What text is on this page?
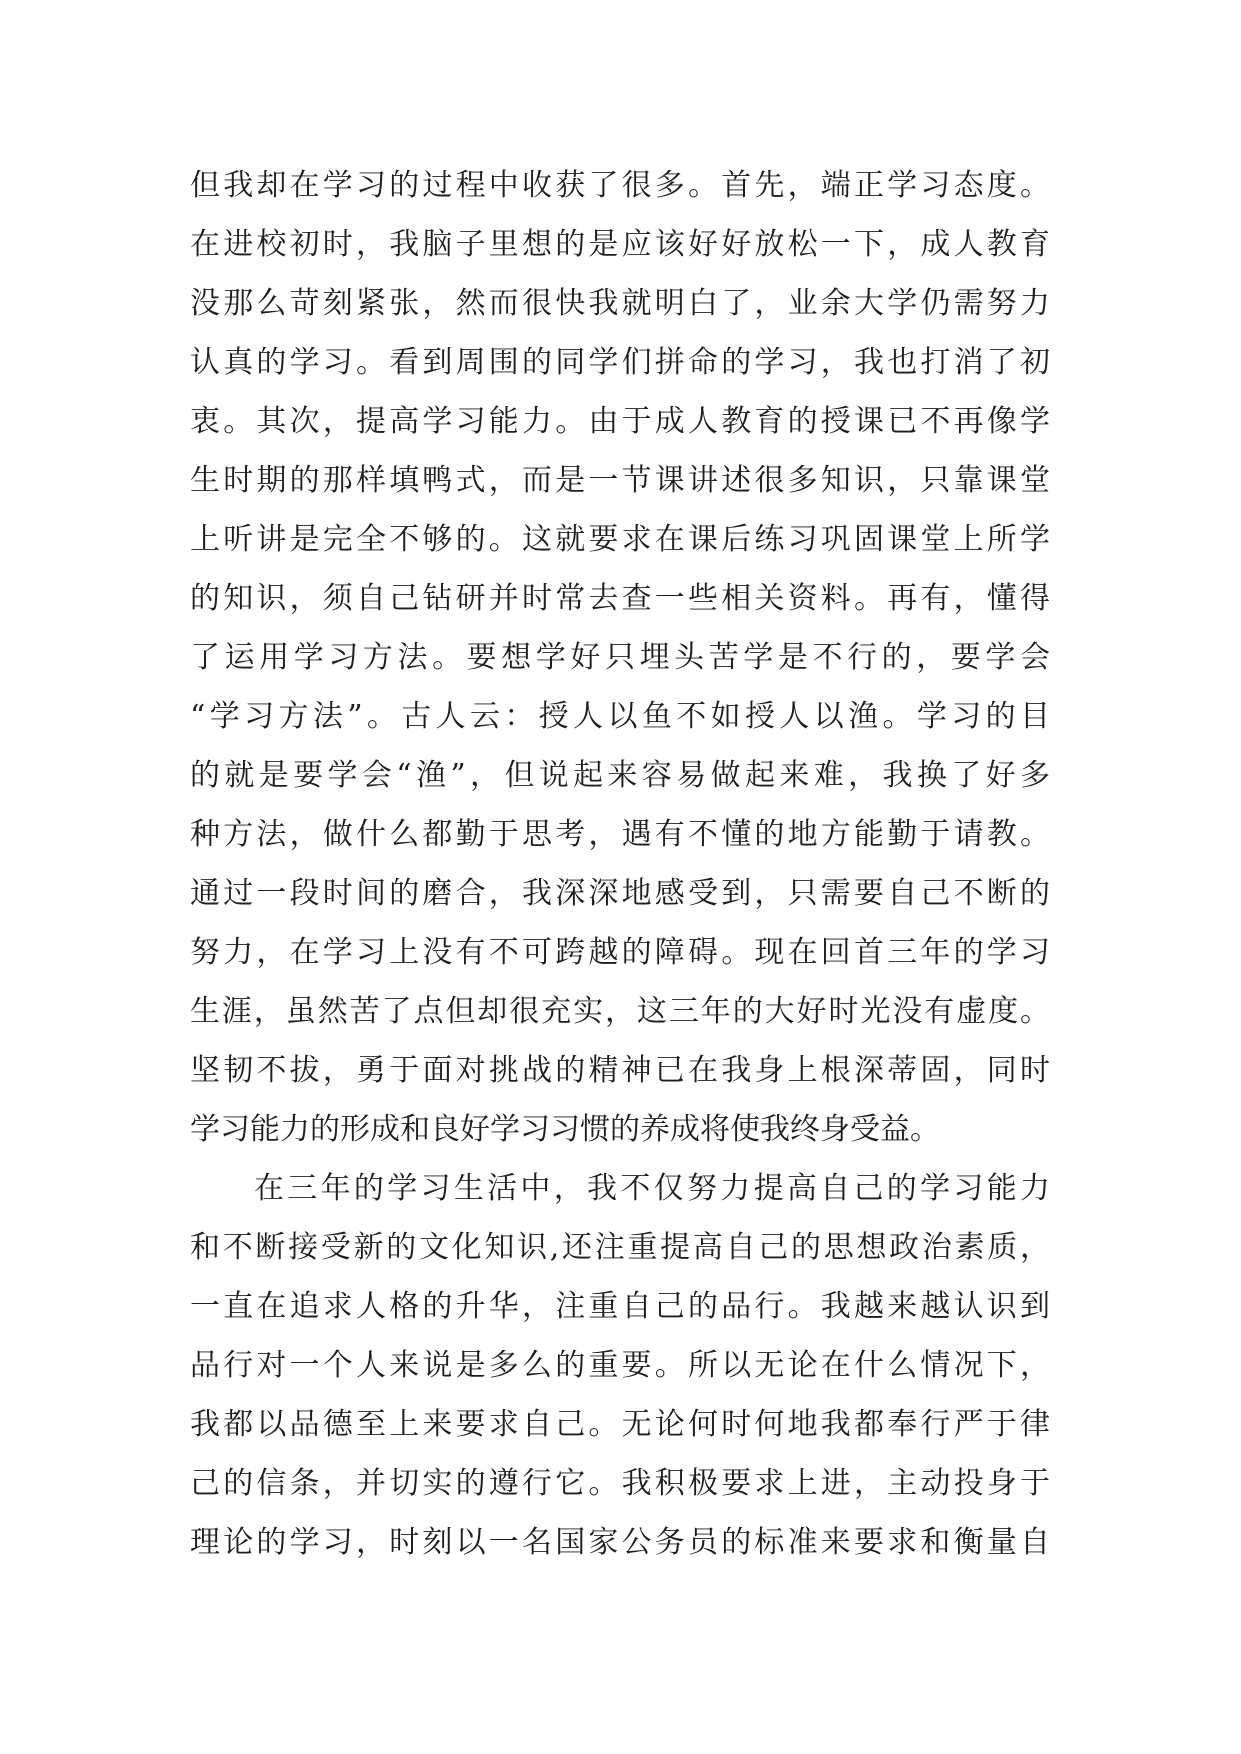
但我却在学习的过程中收获了很多。首先，端正学习态度。
在进校初时，我脑子里想的是应该好好放松一下，成人教育
没那么苛刻紧张，然而很快我就明白了，业余大学仍需努力
认真的学习。看到周围的同学们拼命的学习，我也打消了初
衷。其次，提高学习能力。由于成人教育的授课已不再像学
生时期的那样填鸭式，而是一节课讲述很多知识，只靠课堂
上听讲是完全不够的。这就要求在课后练习巩固课堂上所学
的知识，须自己钻研并时常去查一些相关资料。再有，懂得
了运用学习方法。要想学好只埋头苦学是不行的，要学会
“学习方法”。古人云：授人以鱼不如授人以渔。学习的目
的就是要学会“渔”，但说起来容易做起来难，我换了好多
种方法，做什么都勤于思考，遇有不懂的地方能勤于请教。
通过一段时间的磨合，我深深地感受到，只需要自己不断的
努力，在学习上没有不可跨越的障碍。现在回首三年的学习
生涯，虽然苦了点但却很充实，这三年的大好时光没有虚度。
坚韧不拔，勇于面对挑战的精神已在我身上根深蒂固，同时
学习能力的形成和良好学习习惯的养成将使我终身受益。
在三年的学习生活中，我不仅努力提高自己的学习能力
和不断接受新的文化知识,还注重提高自己的思想政治素质，
一直在追求人格的升华，注重自己的品行。我越来越认识到
品行对一个人来说是多么的重要。所以无论在什么情况下，
我都以品德至上来要求自己。无论何时何地我都奉行严于律
己的信条，并切实的遵行它。我积极要求上进，主动投身于
理论的学习，时刻以一名国家公务员的标准来要求和衡量自
